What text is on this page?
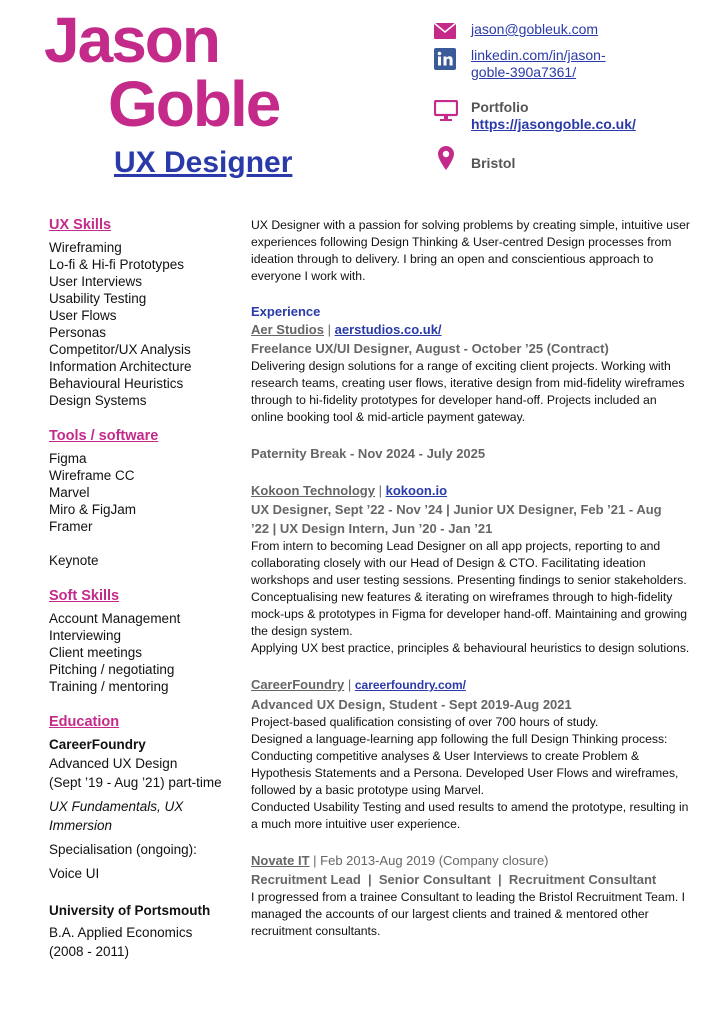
Jason
Goble
UX Designer
jason@gobleuk.com
linkedin.com/in/jason-
goble-390a7361/
Portfolio
https://jasongoble.co.uk/
Bristol
UX Skills
Wireframing
Lo-fi & Hi-fi Prototypes
User Interviews
Usability Testing
User Flows
Personas
Competitor/UX Analysis
Information Architecture
Behavioural Heuristics
Design Systems
Tools / software
Figma
Wireframe CC
Marvel
Miro & FigJam
Framer
Keynote
Soft Skills
Account Management
Interviewing
Client meetings
Pitching / negotiating
Training / mentoring
Education
CareerFoundry
Advanced UX Design
(Sept ’19 - Aug ’21) part-time
UX Fundamentals, UX
Immersion
Specialisation (ongoing):
Voice UI
University of Portsmouth
B.A. Applied Economics
(2008 - 2011)

UX Designer with a passion for solving problems by creating simple, intuitive user experiences following Design Thinking & User-centred Design processes from ideation through to delivery. I bring an open and conscientious approach to everyone I work with.

Experience
Aer Studios | aerstudios.co.uk/
Freelance UX/UI Designer, August - October ’25 (Contract)

Delivering design solutions for a range of exciting client projects. Working with research teams, creating user flows, iterative design from mid-fidelity wireframes through to hi-fidelity prototypes for developer hand-off. Projects included an online booking tool & mid-article payment gateway.

Paternity Break - Nov 2024 - July 2025
Kokoon Technology | kokoon.io
UX Designer, Sept ’22 - Nov ’24 | Junior UX Designer, Feb ’21 - Aug
’22 | UX Design Intern, Jun ’20 - Jan ’21

From intern to becoming Lead Designer on all app projects, reporting to and collaborating closely with our Head of Design & CTO. Facilitating ideation workshops and user testing sessions. Presenting findings to senior stakeholders. Conceptualising new features & iterating on wireframes through to high-fidelity mock-ups & prototypes in Figma for developer hand-off. Maintaining and growing the design system.

Applying UX best practice, principles & behavioural heuristics to design solutions.

CareerFoundry | careerfoundry.com/
Advanced UX Design, Student - Sept 2019-Aug 2021

Project-based qualification consisting of over 700 hours of study.

Designed a language-learning app following the full Design Thinking process: Conducting competitive analyses & User Interviews to create Problem & Hypothesis Statements and a Persona. Developed User Flows and wireframes, followed by a basic prototype using Marvel.

Conducted Usability Testing and used results to amend the prototype, resulting in a much more intuitive user experience.

Novate IT | Feb 2013-Aug 2019 (Company closure)
Recruitment Lead  |  Senior Consultant  |  Recruitment Consultant

I progressed from a trainee Consultant to leading the Bristol Recruitment Team. I managed the accounts of our largest clients and trained & mentored other recruitment consultants.
